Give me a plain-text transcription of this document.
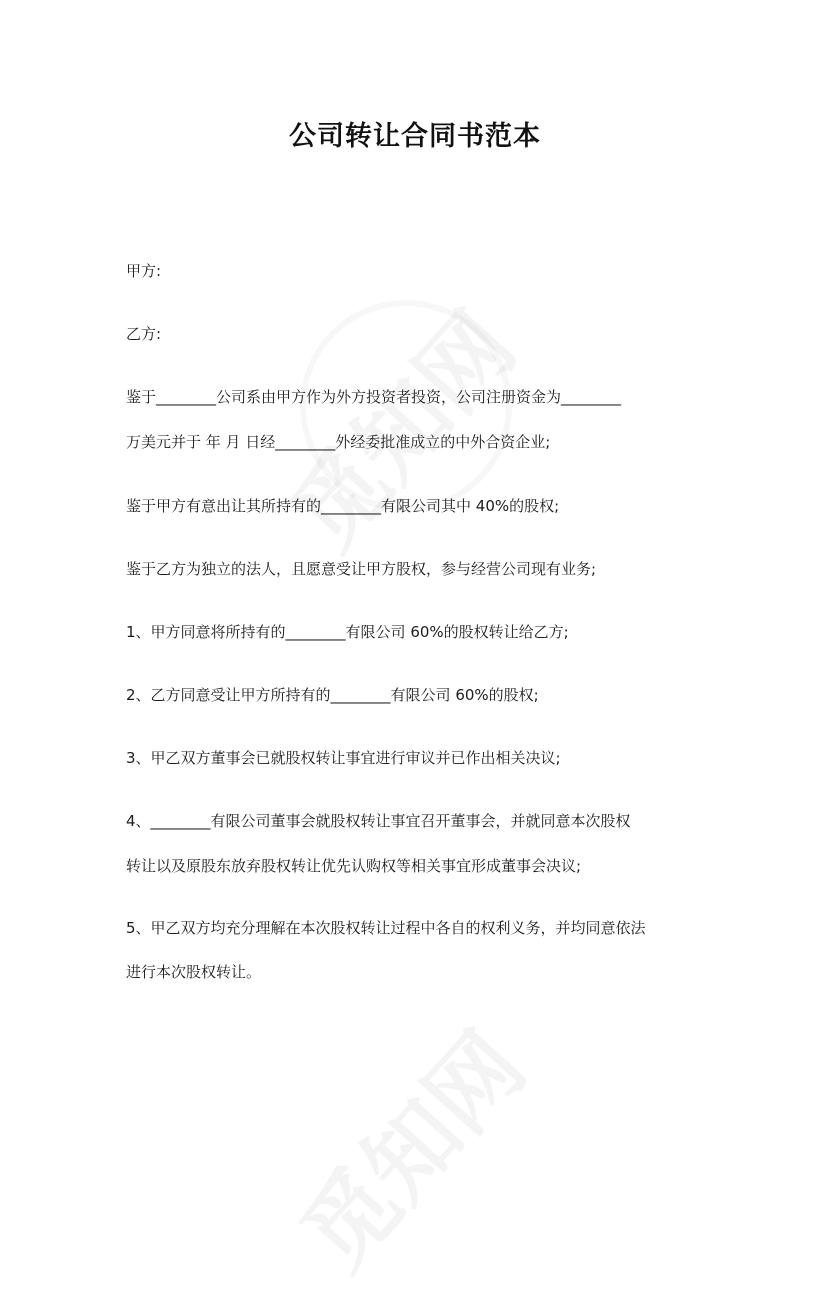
公司转让合同书范本
甲方:
乙方:
鉴于________公司系由甲方作为外方投资者投资，公司注册资金为________
万美元并于 年 月 日经________外经委批准成立的中外合资企业;
鉴于甲方有意出让其所持有的________有限公司其中 40%的股权;
鉴于乙方为独立的法人，且愿意受让甲方股权，参与经营公司现有业务;
1、甲方同意将所持有的________有限公司 60%的股权转让给乙方;
2、乙方同意受让甲方所持有的________有限公司 60%的股权;
3、甲乙双方董事会已就股权转让事宜进行审议并已作出相关决议;
4、________有限公司董事会就股权转让事宜召开董事会，并就同意本次股权
转让以及原股东放弃股权转让优先认购权等相关事宜形成董事会决议;
5、甲乙双方均充分理解在本次股权转让过程中各自的权利义务，并均同意依法
进行本次股权转让。
